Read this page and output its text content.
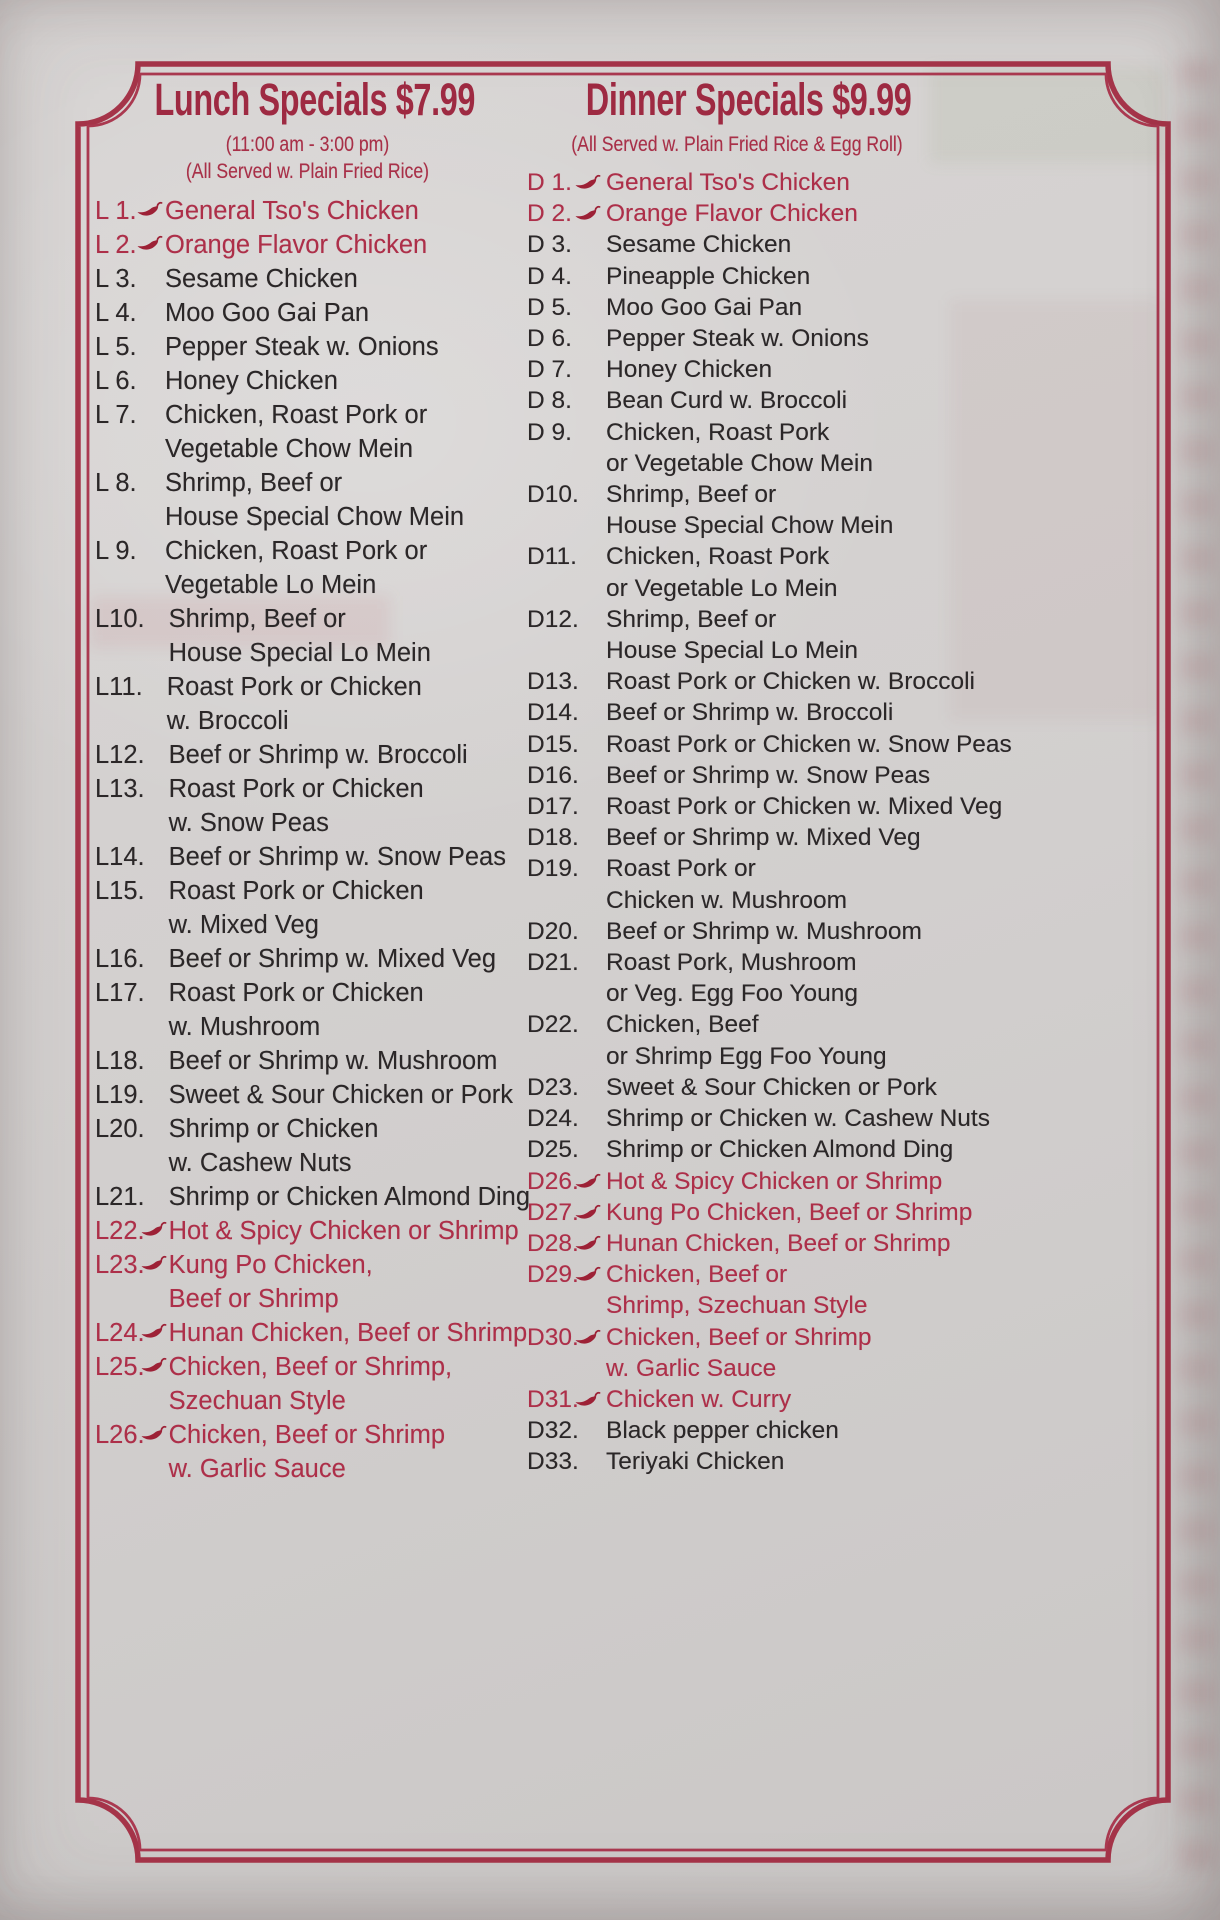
Lunch Specials $7.99
(11:00 am - 3:00 pm)
(All Served w. Plain Fried Rice)
L 1. General Tso's Chicken
L 2. Orange Flavor Chicken
L 3. Sesame Chicken
L 4. Moo Goo Gai Pan
L 5. Pepper Steak w. Onions
L 6. Honey Chicken
L 7. Chicken, Roast Pork or
Vegetable Chow Mein
L 8. Shrimp, Beef or
House Special Chow Mein
L 9. Chicken, Roast Pork or
Vegetable Lo Mein
L10. Shrimp, Beef or
House Special Lo Mein
L11. Roast Pork or Chicken
w. Broccoli
L12. Beef or Shrimp w. Broccoli
L13. Roast Pork or Chicken
w. Snow Peas
L14. Beef or Shrimp w. Snow Peas
L15. Roast Pork or Chicken
w. Mixed Veg
L16. Beef or Shrimp w. Mixed Veg
L17. Roast Pork or Chicken
w. Mushroom
L18. Beef or Shrimp w. Mushroom
L19. Sweet & Sour Chicken or Pork
L20. Shrimp or Chicken
w. Cashew Nuts
L21. Shrimp or Chicken Almond Ding
L22. Hot & Spicy Chicken or Shrimp
L23. Kung Po Chicken,
Beef or Shrimp
L24. Hunan Chicken, Beef or Shrimp
L25. Chicken, Beef or Shrimp,
Szechuan Style
L26. Chicken, Beef or Shrimp
w. Garlic Sauce
Dinner Specials $9.99
(All Served w. Plain Fried Rice & Egg Roll)
D 1. General Tso's Chicken
D 2. Orange Flavor Chicken
D 3. Sesame Chicken
D 4. Pineapple Chicken
D 5. Moo Goo Gai Pan
D 6. Pepper Steak w. Onions
D 7. Honey Chicken
D 8. Bean Curd w. Broccoli
D 9. Chicken, Roast Pork
or Vegetable Chow Mein
D10. Shrimp, Beef or
House Special Chow Mein
D11. Chicken, Roast Pork
or Vegetable Lo Mein
D12. Shrimp, Beef or
House Special Lo Mein
D13. Roast Pork or Chicken w. Broccoli
D14. Beef or Shrimp w. Broccoli
D15. Roast Pork or Chicken w. Snow Peas
D16. Beef or Shrimp w. Snow Peas
D17. Roast Pork or Chicken w. Mixed Veg
D18. Beef or Shrimp w. Mixed Veg
D19. Roast Pork or
Chicken w. Mushroom
D20. Beef or Shrimp w. Mushroom
D21. Roast Pork, Mushroom
or Veg. Egg Foo Young
D22. Chicken, Beef
or Shrimp Egg Foo Young
D23. Sweet & Sour Chicken or Pork
D24. Shrimp or Chicken w. Cashew Nuts
D25. Shrimp or Chicken Almond Ding
D26. Hot & Spicy Chicken or Shrimp
D27. Kung Po Chicken, Beef or Shrimp
D28. Hunan Chicken, Beef or Shrimp
D29. Chicken, Beef or
Shrimp, Szechuan Style
D30. Chicken, Beef or Shrimp
w. Garlic Sauce
D31. Chicken w. Curry
D32. Black pepper chicken
D33. Teriyaki Chicken
